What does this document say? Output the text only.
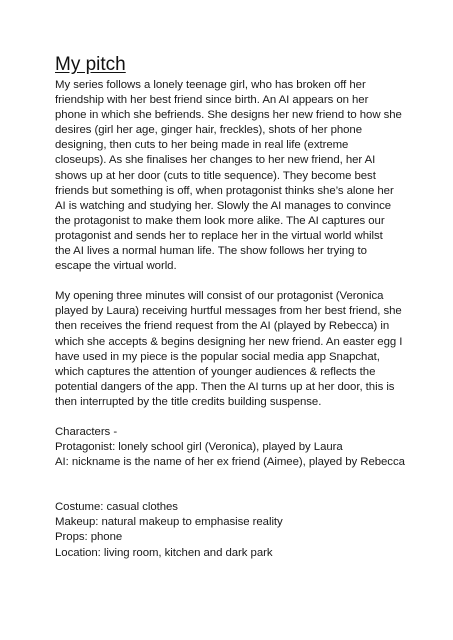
My pitch

My series follows a lonely teenage girl, who has broken off her
friendship with her best friend since birth. An AI appears on her
phone in which she befriends. She designs her new friend to how she
desires (girl her age, ginger hair, freckles), shots of her phone
designing, then cuts to her being made in real life (extreme
closeups). As she finalises her changes to her new friend, her AI
shows up at her door (cuts to title sequence). They become best
friends but something is off, when protagonist thinks she’s alone her
AI is watching and studying her. Slowly the AI manages to convince
the protagonist to make them look more alike. The AI captures our
protagonist and sends her to replace her in the virtual world whilst
the AI lives a normal human life. The show follows her trying to
escape the virtual world.

My opening three minutes will consist of our protagonist (Veronica
played by Laura) receiving hurtful messages from her best friend, she
then receives the friend request from the AI (played by Rebecca) in
which she accepts & begins designing her new friend. An easter egg I
have used in my piece is the popular social media app Snapchat,
which captures the attention of younger audiences & reflects the
potential dangers of the app. Then the AI turns up at her door, this is
then interrupted by the title credits building suspense.

Characters -

Protagonist: lonely school girl (Veronica), played by Laura

AI: nickname is the name of her ex friend (Aimee), played by Rebecca

Costume: casual clothes

Makeup: natural makeup to emphasise reality

Props: phone

Location: living room, kitchen and dark park
